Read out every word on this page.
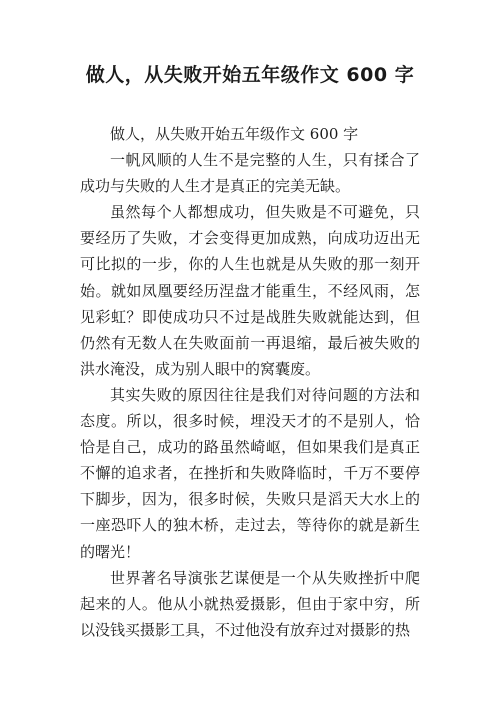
做人，从失败开始五年级作文 600 字

做人，从失败开始五年级作文 600 字

一帆风顺的人生不是完整的人生，只有揉合了成功与失败的人生才是真正的完美无缺。

虽然每个人都想成功，但失败是不可避免，只要经历了失败，才会变得更加成熟，向成功迈出无可比拟的一步，你的人生也就是从失败的那一刻开始。就如凤凰要经历涅盘才能重生，不经风雨，怎见彩虹？即使成功只不过是战胜失败就能达到，但仍然有无数人在失败面前一再退缩，最后被失败的洪水淹没，成为别人眼中的窝囊废。

其实失败的原因往往是我们对待问题的方法和态度。所以，很多时候，埋没天才的不是别人，恰恰是自己，成功的路虽然崎岖，但如果我们是真正不懈的追求者，在挫折和失败降临时，千万不要停下脚步，因为，很多时候，失败只是滔天大水上的一座恐吓人的独木桥，走过去，等待你的就是新生的曙光！

世界著名导演张艺谋便是一个从失败挫折中爬起来的人。他从小就热爱摄影，但由于家中穷，所以没钱买摄影工具，不过他没有放弃过对摄影的热
